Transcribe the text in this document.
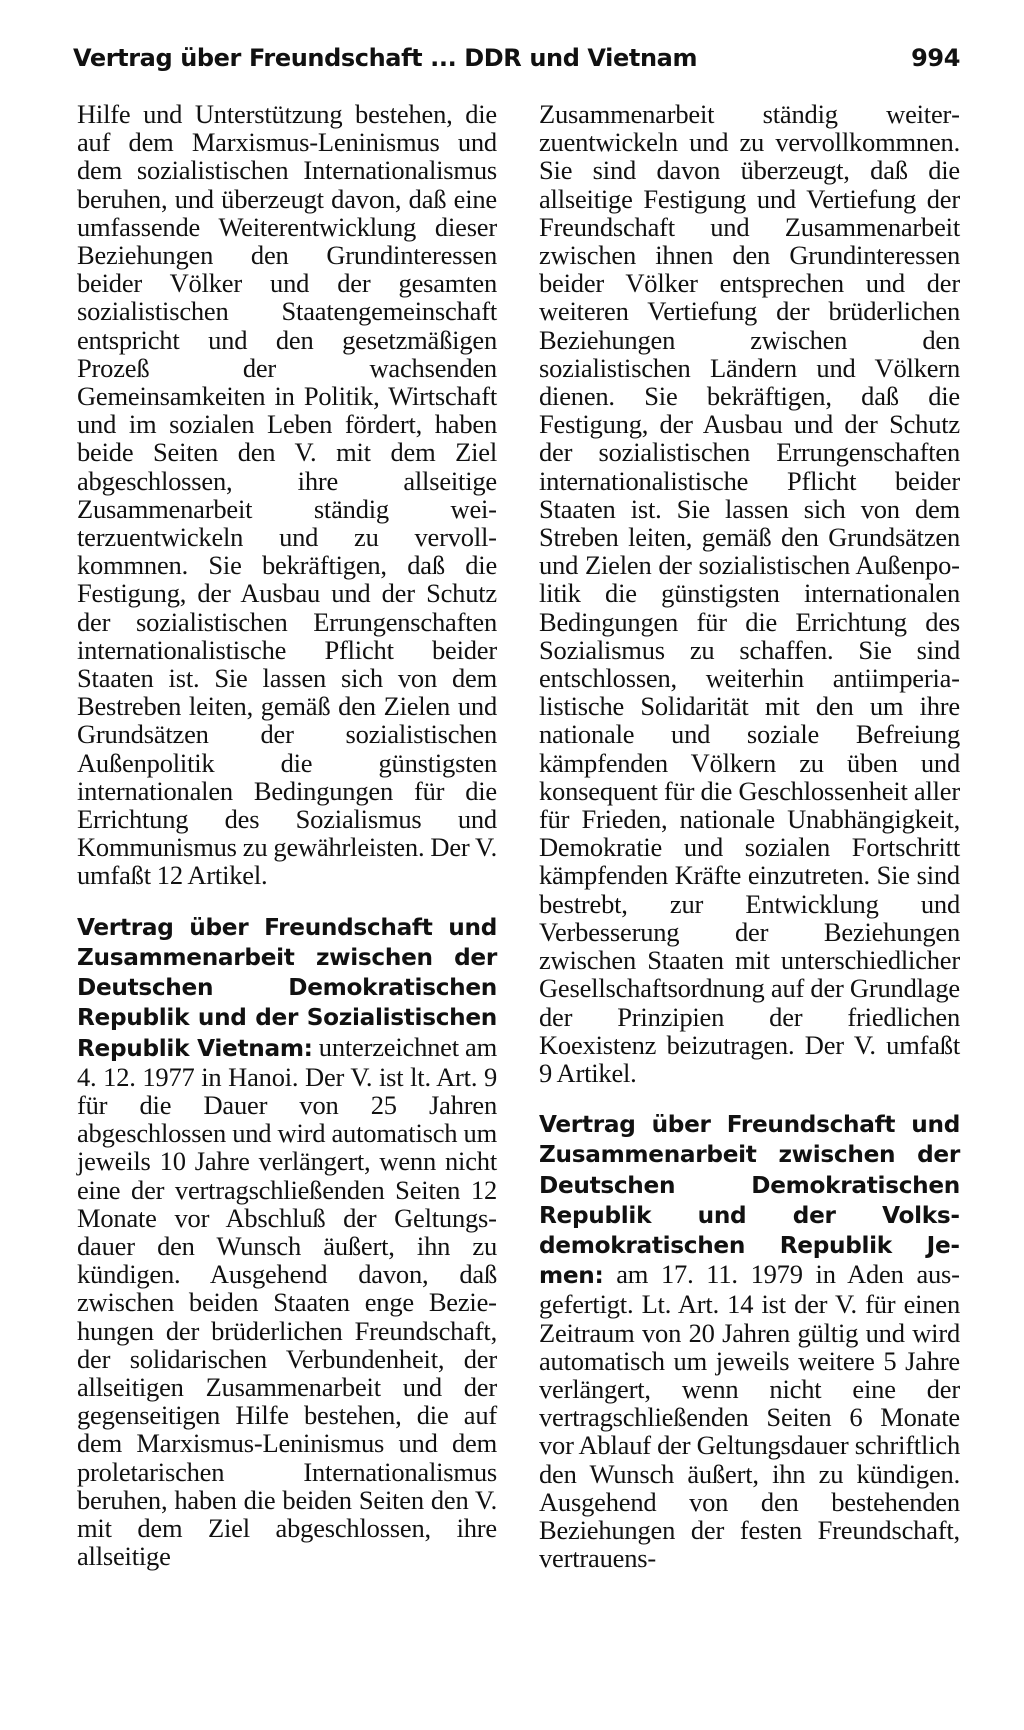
Vertrag über Freundschaft ... DDR und Vietnam	994

Hilfe und Unterstützung bestehen, die auf dem Marxismus-Leninismus und dem sozialistischen Internationalismus beruhen, und überzeugt davon, daß eine umfassende Weiterentwicklung dieser Beziehungen den Grundinteressen beider Völker und der gesamten sozialistischen Staatengemeinschaft entspricht und den gesetzmäßigen Prozeß der wachsenden Gemeinsamkeiten in Politik, Wirtschaft und im sozialen Leben fördert, haben beide Seiten den V. mit dem Ziel abgeschlossen, ihre allseitige Zusammenarbeit ständig weiterzuentwickeln und zu vervollkommnen. Sie bekräftigen, daß die Festigung, der Ausbau und der Schutz der sozialistischen Errungenschaften internationalistische Pflicht beider Staaten ist. Sie lassen sich von dem Bestreben leiten, gemäß den Zielen und Grundsätzen der sozialistischen Außenpolitik die günstigsten internationalen Bedingungen für die Errichtung des Sozialismus und Kommunismus zu gewährleisten. Der V. umfaßt 12 Artikel.

Vertrag über Freundschaft und Zusammenarbeit zwischen der Deutschen Demokratischen Republik und der Sozialistischen Republik Vietnam: unterzeichnet am 4. 12. 1977 in Hanoi. Der V. ist lt. Art. 9 für die Dauer von 25 Jahren abgeschlossen und wird automatisch um jeweils 10 Jahre verlängert, wenn nicht eine der vertragschließenden Seiten 12 Monate vor Abschluß der Geltungsdauer den Wunsch äußert, ihn zu kündigen. Ausgehend davon, daß zwischen beiden Staaten enge Beziehungen der brüderlichen Freundschaft, der solidarischen Verbundenheit, der allseitigen Zusammenarbeit und der gegenseitigen Hilfe bestehen, die auf dem Marxismus-Leninismus und dem proletarischen Internationalismus beruhen, haben die beiden Seiten den V. mit dem Ziel abgeschlossen, ihre allseitige

Zusammenarbeit ständig weiterzuentwickeln und zu vervollkommnen. Sie sind davon überzeugt, daß die allseitige Festigung und Vertiefung der Freundschaft und Zusammenarbeit zwischen ihnen den Grundinteressen beider Völker entsprechen und der weiteren Vertiefung der brüderlichen Beziehungen zwischen den sozialistischen Ländern und Völkern dienen. Sie bekräftigen, daß die Festigung, der Ausbau und der Schutz der sozialistischen Errungenschaften internationalistische Pflicht beider Staaten ist. Sie lassen sich von dem Streben leiten, gemäß den Grundsätzen und Zielen der sozialistischen Außenpolitik die günstigsten internationalen Bedingungen für die Errichtung des Sozialismus zu schaffen. Sie sind entschlossen, weiterhin antiimperialistische Solidarität mit den um ihre nationale und soziale Befreiung kämpfenden Völkern zu üben und konsequent für die Geschlossenheit aller für Frieden, nationale Unabhängigkeit, Demokratie und sozialen Fortschritt kämpfenden Kräfte einzutreten. Sie sind bestrebt, zur Entwicklung und Verbesserung der Beziehungen zwischen Staaten mit unterschiedlicher Gesellschaftsordnung auf der Grundlage der Prinzipien der friedlichen Koexistenz beizutragen. Der V. umfaßt 9 Artikel.

Vertrag über Freundschaft und Zusammenarbeit zwischen der Deutschen Demokratischen Republik und der Volksdemokratischen Republik Jemen: am 17. 11. 1979 in Aden ausgefertigt. Lt. Art. 14 ist der V. für einen Zeitraum von 20 Jahren gültig und wird automatisch um jeweils weitere 5 Jahre verlängert, wenn nicht eine der vertragschließenden Seiten 6 Monate vor Ablauf der Geltungsdauer schriftlich den Wunsch äußert, ihn zu kündigen. Ausgehend von den bestehenden Beziehungen der festen Freundschaft, vertrauens-
